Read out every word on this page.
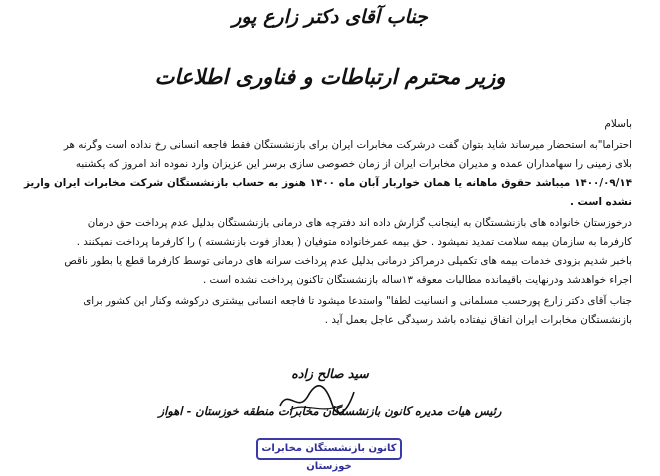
جناب آقای دکتر زارع پور
وزیر محترم ارتباطات و فناوری اطلاعات
باسلام

احتراما"به استحضار میرساند شاید بتوان گفت درشرکت مخابرات ایران برای بازنشستگان فقط فاجعه انسانی رخ نداده است وگرنه هر

بلای زمینی را سهامداران عمده و مدیران مخابرات ایران از زمان خصوصی سازی برسر این عزیزان وارد نموده اند امروز که یکشنبه

۱۴۰۰/۰۹/۱۴ میباشد حقوق ماهانه یا همان خواربار آبان ماه ۱۴۰۰ هنوز به حساب بازنشستگان شرکت مخابرات ایران واریز نشده است .

درخوزستان خانواده های بازنشستگان به اینجانب گزارش داده اند دفترچه های درمانی بازنشستگان بدلیل عدم پرداخت حق درمان

کارفرما به سازمان بیمه سلامت تمدید نمیشود . حق بیمه عمرخانواده متوفیان ( بعداز فوت بازنشسته ) را کارفرما پرداخت نمیکنند .

باخبر شدیم بزودی خدمات بیمه های تکمیلی درمراکز درمانی بدلیل عدم پرداخت سرانه های درمانی توسط کارفرما قطع یا بطور ناقص

اجراء خواهدشد ودرنهایت باقیمانده مطالبات معوقه ۱۳ساله بازنشستگان تاکنون پرداخت نشده است .

جناب آقای دکتر زارع پورحسب مسلمانی و انسانیت لطفا" واستدعا میشود تا فاجعه انسانی بیشتری درکوشه وکنار این کشور برای

بازنشستگان مخابرات ایران اتفاق نیفتاده باشد رسیدگی عاجل بعمل آید .

سید صالح زاده
رئیس هیات مدیره کانون بازنشستگان مخابرات منطقه خوزستان - اهواز
کانون بازنشستگان مخابرات خوزستان
